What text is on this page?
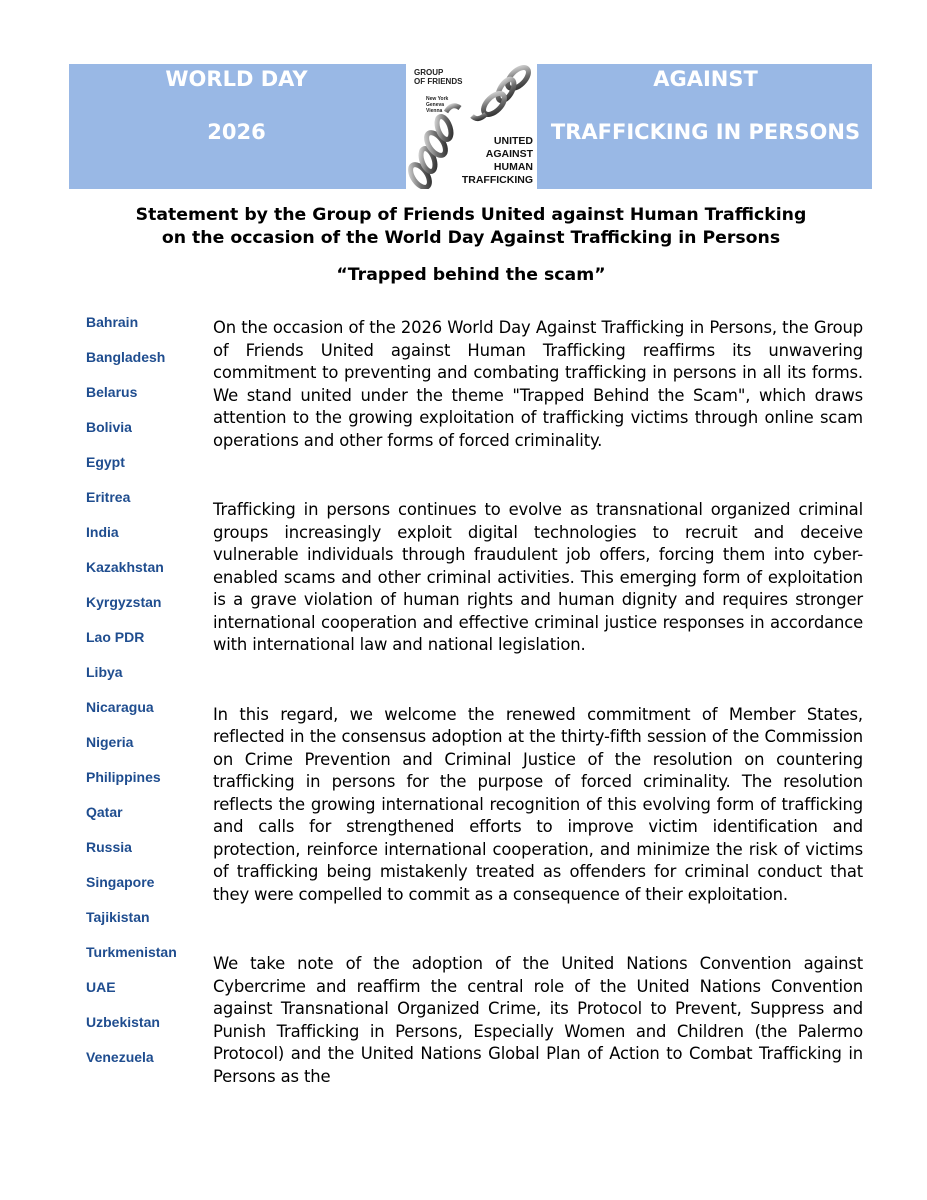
WORLD DAY
2026
GROUP
OF FRIENDS
New York
Geneva
Vienna
UNITED
AGAINST
HUMAN
TRAFFICKING
AGAINST
TRAFFICKING IN PERSONS
Statement by the Group of Friends United against Human Trafficking
on the occasion of the World Day Against Trafficking in Persons
“Trapped behind the scam”
Bahrain
Bangladesh
Belarus
Bolivia
Egypt
Eritrea
India
Kazakhstan
Kyrgyzstan
Lao PDR
Libya
Nicaragua
Nigeria
Philippines
Qatar
Russia
Singapore
Tajikistan
Turkmenistan
UAE
Uzbekistan
Venezuela

On the occasion of the 2026 World Day Against Trafficking in Persons, the Group of Friends United against Human Trafficking reaffirms its unwavering commitment to preventing and combating trafficking in persons in all its forms. We stand united under the theme "Trapped Behind the Scam", which draws attention to the growing exploitation of trafficking victims through online scam operations and other forms of forced criminality.

Trafficking in persons continues to evolve as transnational organized criminal groups increasingly exploit digital technologies to recruit and deceive vulnerable individuals through fraudulent job offers, forcing them into cyber-enabled scams and other criminal activities. This emerging form of exploitation is a grave violation of human rights and human dignity and requires stronger international cooperation and effective criminal justice responses in accordance with international law and national legislation.

In this regard, we welcome the renewed commitment of Member States, reflected in the consensus adoption at the thirty-fifth session of the Commission on Crime Prevention and Criminal Justice of the resolution on countering trafficking in persons for the purpose of forced criminality. The resolution reflects the growing international recognition of this evolving form of trafficking and calls for strengthened efforts to improve victim identification and protection, reinforce international cooperation, and minimize the risk of victims of trafficking being mistakenly treated as offenders for criminal conduct that they were compelled to commit as a consequence of their exploitation.

We take note of the adoption of the United Nations Convention against Cybercrime and reaffirm the central role of the United Nations Convention against Transnational Organized Crime, its Protocol to Prevent, Suppress and Punish Trafficking in Persons, Especially Women and Children (the Palermo Protocol) and the United Nations Global Plan of Action to Combat Trafficking in Persons as the
